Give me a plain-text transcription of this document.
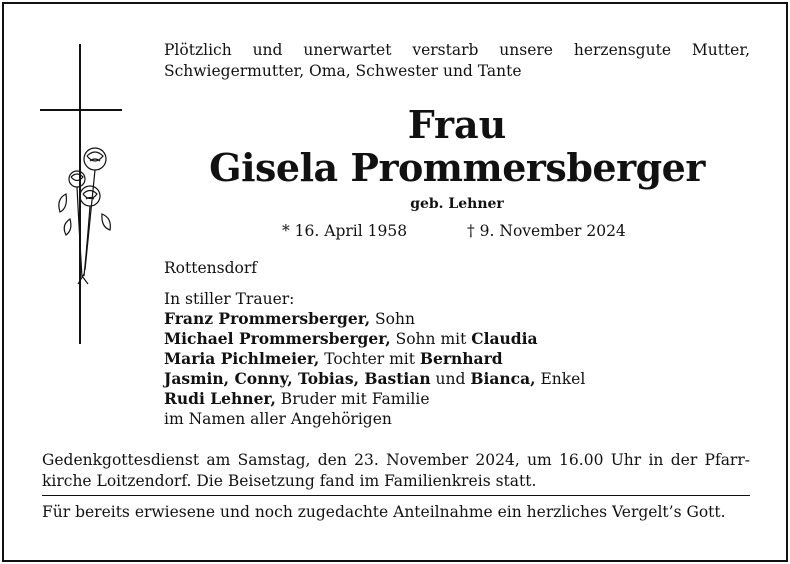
Plötzlich und unerwartet verstarb unsere herzensgute Mutter,
Schwiegermutter, Oma, Schwester und Tante
Frau
Gisela Prommersberger
geb. Lehner
* 16. April 1958	† 9. November 2024
Rottensdorf
In stiller Trauer:
Franz Prommersberger, Sohn
Michael Prommersberger, Sohn mit Claudia
Maria Pichlmeier, Tochter mit Bernhard
Jasmin, Conny, Tobias, Bastian und Bianca, Enkel
Rudi Lehner, Bruder mit Familie
im Namen aller Angehörigen
Gedenkgottesdienst am Samstag, den 23. November 2024, um 16.00 Uhr in der Pfarr- kirche Loitzendorf. Die Beisetzung fand im Familienkreis statt.
Für bereits erwiesene und noch zugedachte Anteilnahme ein herzliches Vergelt’s Gott.
